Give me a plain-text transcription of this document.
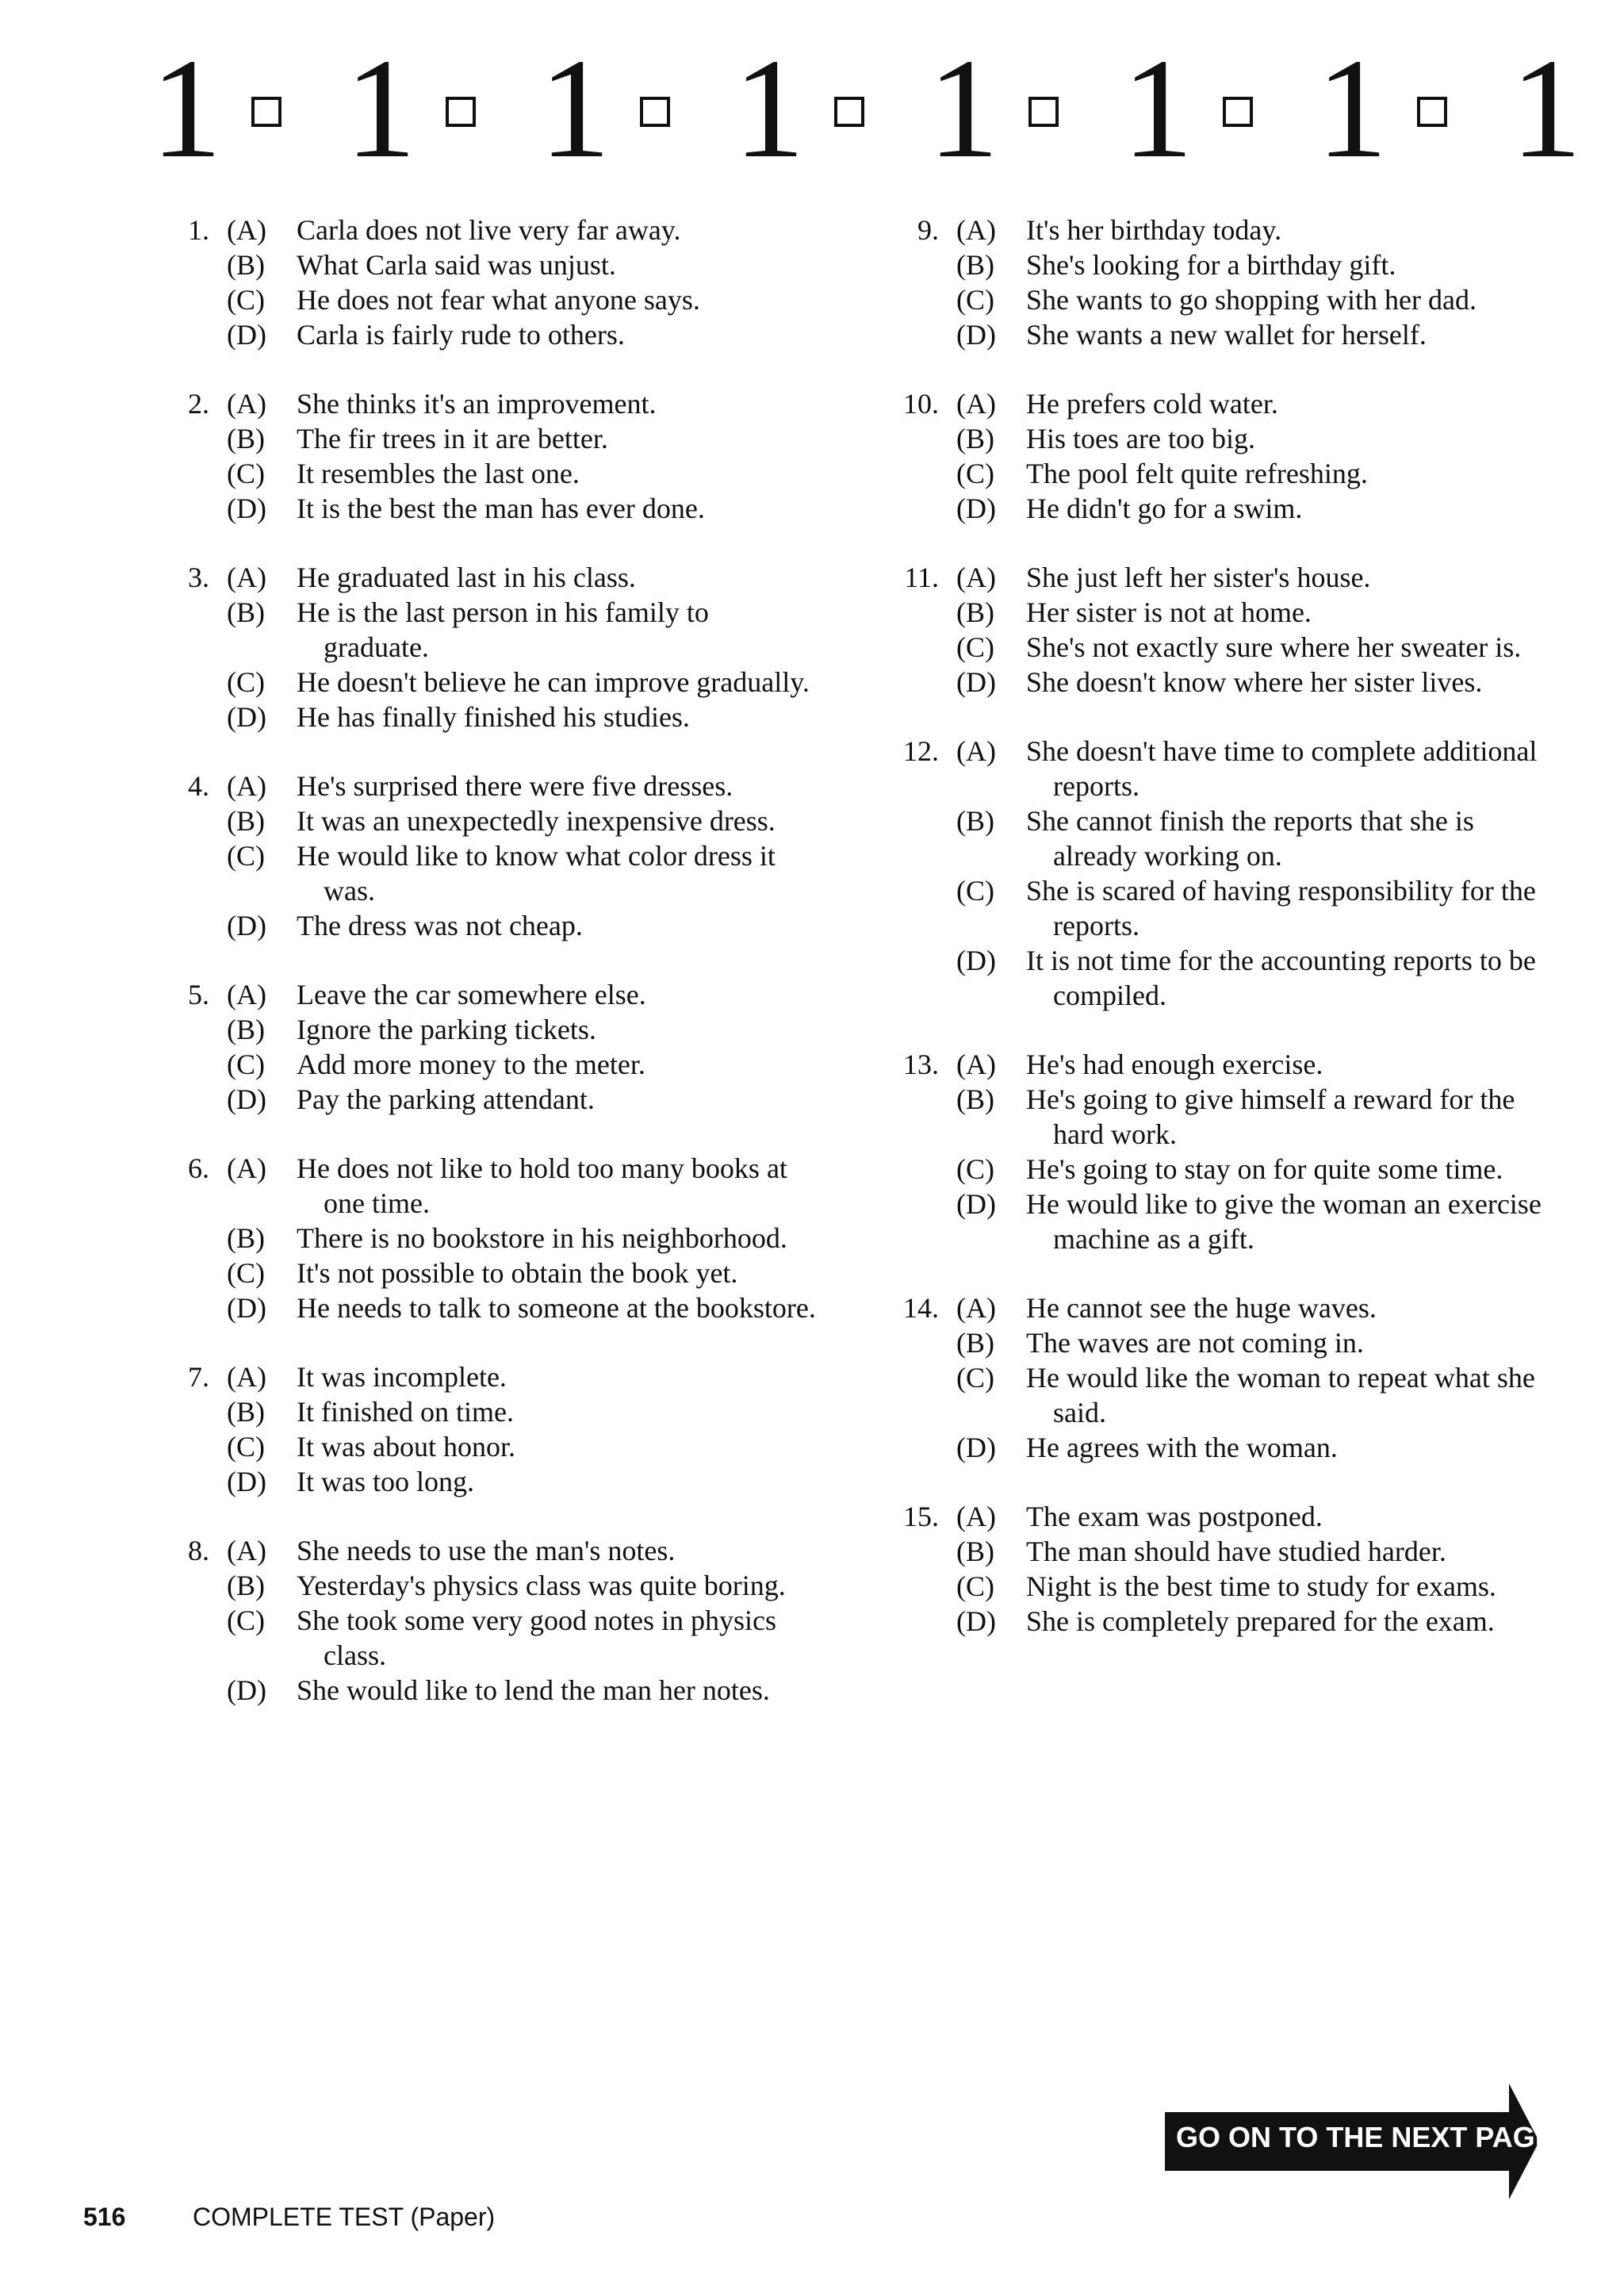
1 1 1 1 1 1 1 1
1. (A) Carla does not live very far away.
(B) What Carla said was unjust.
(C) He does not fear what anyone says.
(D) Carla is fairly rude to others.
2. (A) She thinks it's an improvement.
(B) The fir trees in it are better.
(C) It resembles the last one.
(D) It is the best the man has ever done.
3. (A) He graduated last in his class.
(B) He is the last person in his family to graduate.
(C) He doesn't believe he can improve gradually.
(D) He has finally finished his studies.
4. (A) He's surprised there were five dresses.
(B) It was an unexpectedly inexpensive dress.
(C) He would like to know what color dress it was.
(D) The dress was not cheap.
5. (A) Leave the car somewhere else.
(B) Ignore the parking tickets.
(C) Add more money to the meter.
(D) Pay the parking attendant.
6. (A) He does not like to hold too many books at one time.
(B) There is no bookstore in his neighborhood.
(C) It's not possible to obtain the book yet.
(D) He needs to talk to someone at the bookstore.
7. (A) It was incomplete.
(B) It finished on time.
(C) It was about honor.
(D) It was too long.
8. (A) She needs to use the man's notes.
(B) Yesterday's physics class was quite boring.
(C) She took some very good notes in physics class.
(D) She would like to lend the man her notes.
9. (A) It's her birthday today.
(B) She's looking for a birthday gift.
(C) She wants to go shopping with her dad.
(D) She wants a new wallet for herself.
10. (A) He prefers cold water.
(B) His toes are too big.
(C) The pool felt quite refreshing.
(D) He didn't go for a swim.
11. (A) She just left her sister's house.
(B) Her sister is not at home.
(C) She's not exactly sure where her sweater is.
(D) She doesn't know where her sister lives.
12. (A) She doesn't have time to complete additional reports.
(B) She cannot finish the reports that she is already working on.
(C) She is scared of having responsibility for the reports.
(D) It is not time for the accounting reports to be compiled.
13. (A) He's had enough exercise.
(B) He's going to give himself a reward for the hard work.
(C) He's going to stay on for quite some time.
(D) He would like to give the woman an exercise machine as a gift.
14. (A) He cannot see the huge waves.
(B) The waves are not coming in.
(C) He would like the woman to repeat what she said.
(D) He agrees with the woman.
15. (A) The exam was postponed.
(B) The man should have studied harder.
(C) Night is the best time to study for exams.
(D) She is completely prepared for the exam.
GO ON TO THE NEXT PAGE
516	COMPLETE TEST (Paper)
